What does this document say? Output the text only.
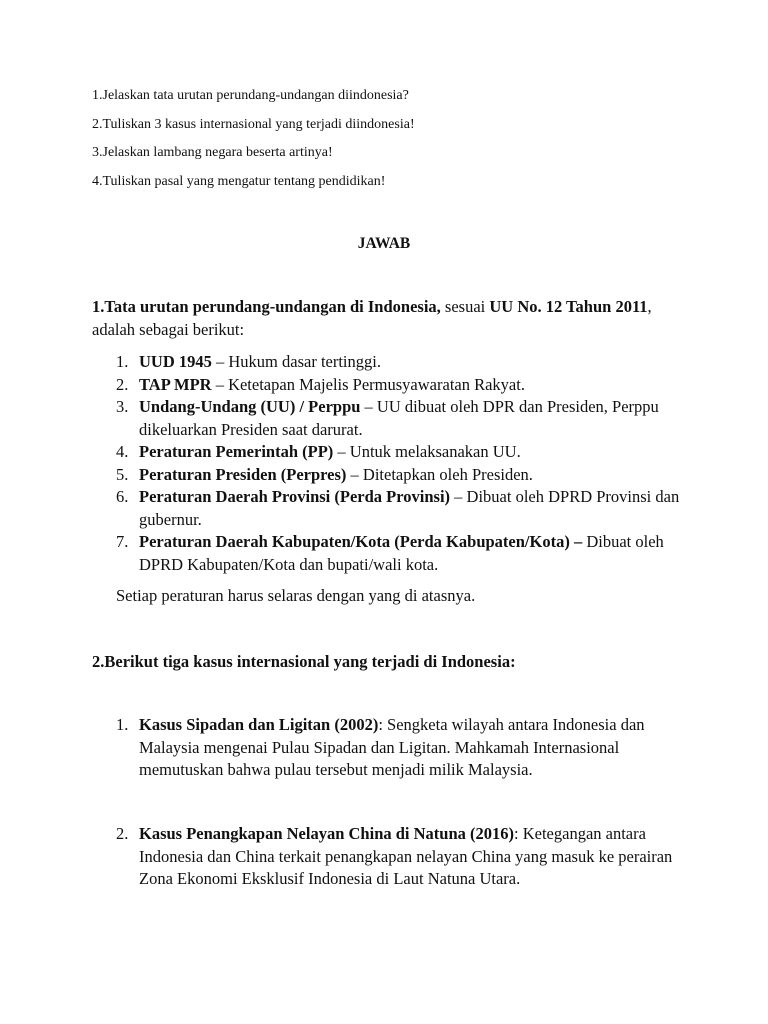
1.Jelaskan tata urutan perundang-undangan diindonesia?

2.Tuliskan 3 kasus internasional yang terjadi diindonesia!

3.Jelaskan lambang negara beserta artinya!

4.Tuliskan pasal yang mengatur tentang pendidikan!

JAWAB
1.Tata urutan perundang-undangan di Indonesia, sesuai UU No. 12 Tahun 2011, adalah sebagai berikut:
1. UUD 1945 – Hukum dasar tertinggi.
2. TAP MPR – Ketetapan Majelis Permusyawaratan Rakyat.
3. Undang-Undang (UU) / Perppu – UU dibuat oleh DPR dan Presiden, Perppu dikeluarkan Presiden saat darurat.
4. Peraturan Pemerintah (PP) – Untuk melaksanakan UU.
5. Peraturan Presiden (Perpres) – Ditetapkan oleh Presiden.
6. Peraturan Daerah Provinsi (Perda Provinsi) – Dibuat oleh DPRD Provinsi dan gubernur.
7. Peraturan Daerah Kabupaten/Kota (Perda Kabupaten/Kota) – Dibuat oleh DPRD Kabupaten/Kota dan bupati/wali kota.
Setiap peraturan harus selaras dengan yang di atasnya.
2.Berikut tiga kasus internasional yang terjadi di Indonesia:
1. Kasus Sipadan dan Ligitan (2002): Sengketa wilayah antara Indonesia dan Malaysia mengenai Pulau Sipadan dan Ligitan. Mahkamah Internasional memutuskan bahwa pulau tersebut menjadi milik Malaysia.
2. Kasus Penangkapan Nelayan China di Natuna (2016): Ketegangan antara Indonesia dan China terkait penangkapan nelayan China yang masuk ke perairan Zona Ekonomi Eksklusif Indonesia di Laut Natuna Utara.
